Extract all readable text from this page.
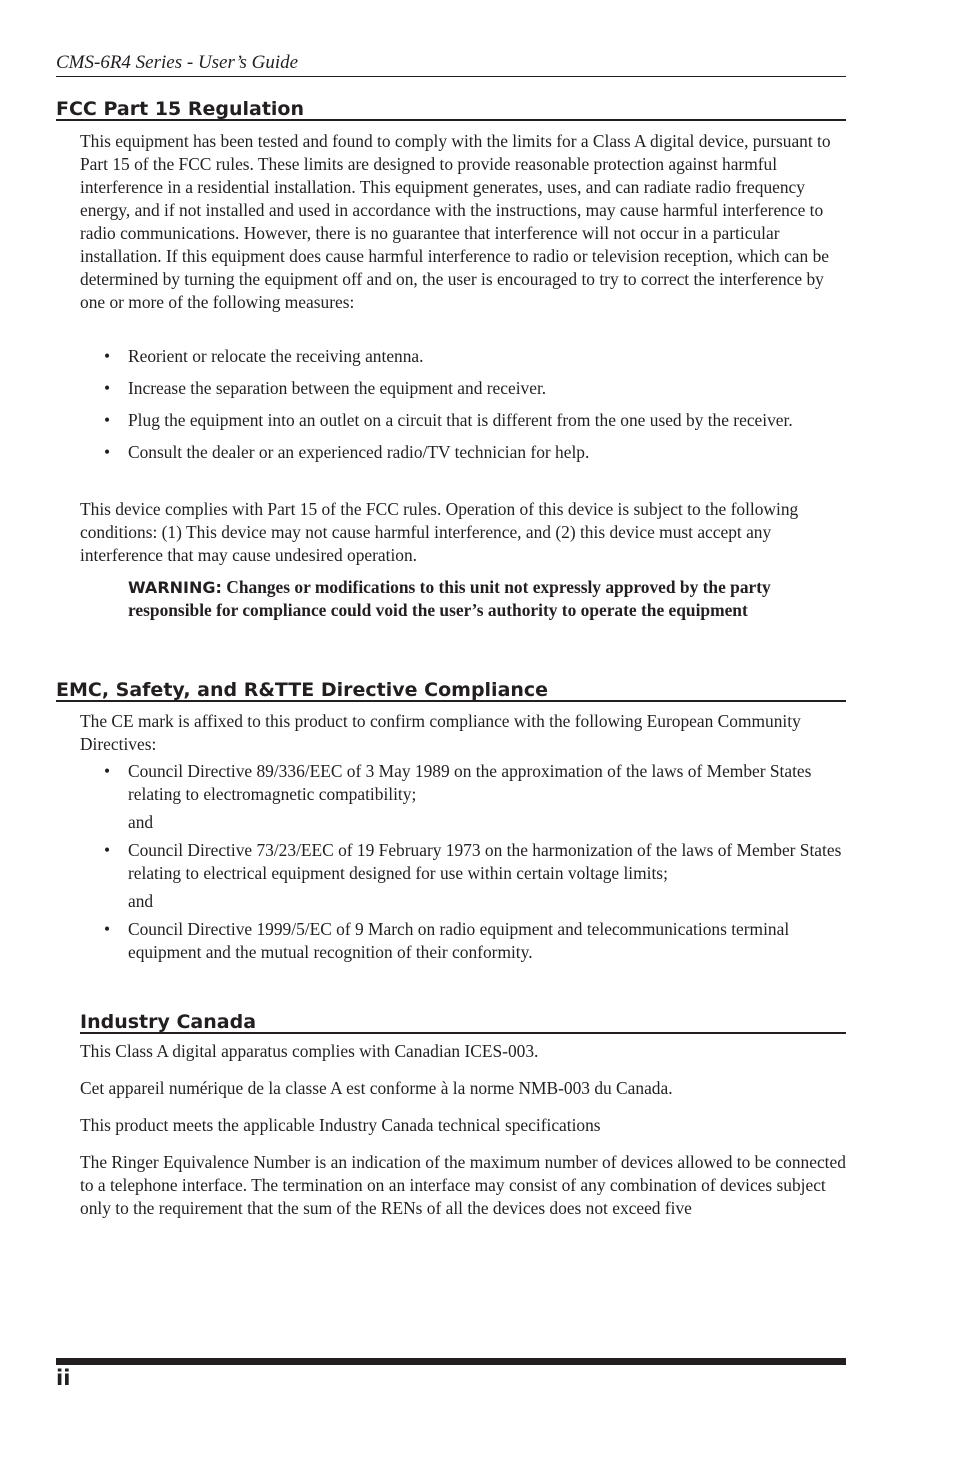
CMS-6R4 Series - User’s Guide
FCC Part 15 Regulation

This equipment has been tested and found to comply with the limits for a Class A digital device, pursuant to Part 15 of the FCC rules. These limits are designed to provide reasonable protection against harmful interference in a residential installation. This equipment generates, uses, and can radiate radio frequency energy, and if not installed and used in accordance with the instructions, may cause harmful interference to radio communications. However, there is no guarantee that interference will not occur in a particular installation. If this equipment does cause harmful interference to radio or television reception, which can be determined by turning the equipment off and on, the user is encouraged to try to correct the interference by one or more of the following measures:

• Reorient or relocate the receiving antenna.
• Increase the separation between the equipment and receiver.
• Plug the equipment into an outlet on a circuit that is different from the one used by the receiver.
• Consult the dealer or an experienced radio/TV technician for help.

This device complies with Part 15 of the FCC rules. Operation of this device is subject to the following conditions: (1) This device may not cause harmful interference, and (2) this device must accept any interference that may cause undesired operation.

WARNING: Changes or modifications to this unit not expressly approved by the party responsible for compliance could void the user’s authority to operate the equipment
EMC, Safety, and R&TTE Directive Compliance

The CE mark is affixed to this product to confirm compliance with the following European Community Directives:

• Council Directive 89/336/EEC of 3 May 1989 on the approximation of the laws of Member States relating to electromagnetic compatibility;
and
• Council Directive 73/23/EEC of 19 February 1973 on the harmonization of the laws of Member States relating to electrical equipment designed for use within certain voltage limits;
and
• Council Directive 1999/5/EC of 9 March on radio equipment and telecommunications terminal equipment and the mutual recognition of their conformity.
Industry Canada

This Class A digital apparatus complies with Canadian ICES-003.

Cet appareil numérique de la classe A est conforme à la norme NMB-003 du Canada.

This product meets the applicable Industry Canada technical specifications

The Ringer Equivalence Number is an indication of the maximum number of devices allowed to be connected to a telephone interface. The termination on an interface may consist of any combination of devices subject only to the requirement that the sum of the RENs of all the devices does not exceed five

ii
